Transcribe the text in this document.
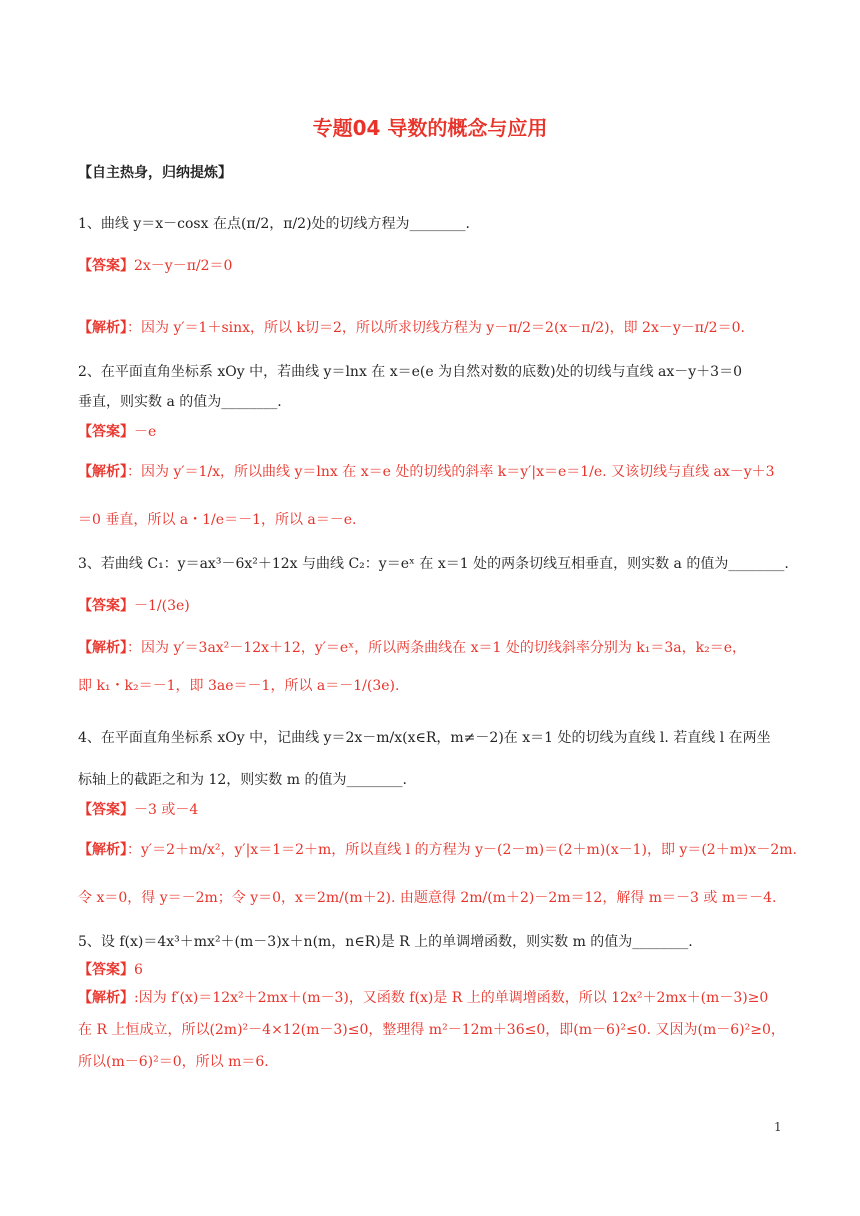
专题04 导数的概念与应用
【自主热身，归纳提炼】
1、曲线 y＝x－cosx 在点(π/2，π/2)处的切线方程为________.
【答案】2x－y－π/2＝0
【解析】：因为 y′＝1＋sinx，所以 k切＝2，所以所求切线方程为 y－π/2＝2(x－π/2)，即 2x－y－π/2＝0.
2、在平面直角坐标系 xOy 中，若曲线 y＝lnx 在 x＝e(e 为自然对数的底数)处的切线与直线 ax－y＋3＝0
垂直，则实数 a 的值为________.
【答案】－e
【解析】：因为 y′＝1/x，所以曲线 y＝lnx 在 x＝e 处的切线的斜率 k＝y′|x＝e＝1/e. 又该切线与直线 ax－y＋3
＝0 垂直，所以 a・1/e＝－1，所以 a＝－e.
3、若曲线 C₁：y＝ax³－6x²＋12x 与曲线 C₂：y＝eˣ 在 x＝1 处的两条切线互相垂直，则实数 a 的值为________.
【答案】－1/(3e)
【解析】：因为 y′＝3ax²－12x＋12，y′＝eˣ，所以两条曲线在 x＝1 处的切线斜率分别为 k₁＝3a，k₂＝e，
即 k₁・k₂＝－1，即 3ae＝－1，所以 a＝－1/(3e).
4、在平面直角坐标系 xOy 中，记曲线 y＝2x－m/x(x∈R，m≠－2)在 x＝1 处的切线为直线 l. 若直线 l 在两坐
标轴上的截距之和为 12，则实数 m 的值为________.
【答案】－3 或－4
【解析】：y′＝2＋m/x²，y′|x＝1＝2＋m，所以直线 l 的方程为 y－(2－m)＝(2＋m)(x－1)，即 y＝(2＋m)x－2m.
令 x＝0，得 y＝－2m；令 y＝0，x＝2m/(m＋2). 由题意得 2m/(m＋2)－2m＝12，解得 m＝－3 或 m＝－4.
5、设 f(x)＝4x³＋mx²＋(m－3)x＋n(m，n∈R)是 R 上的单调增函数，则实数 m 的值为________.
【答案】6
【解析】:因为 f′(x)＝12x²＋2mx＋(m－3)，又函数 f(x)是 R 上的单调增函数，所以 12x²＋2mx＋(m－3)≥0
在 R 上恒成立，所以(2m)²－4×12(m－3)≤0，整理得 m²－12m＋36≤0，即(m－6)²≤0. 又因为(m－6)²≥0，
所以(m－6)²＝0，所以 m＝6.
1
